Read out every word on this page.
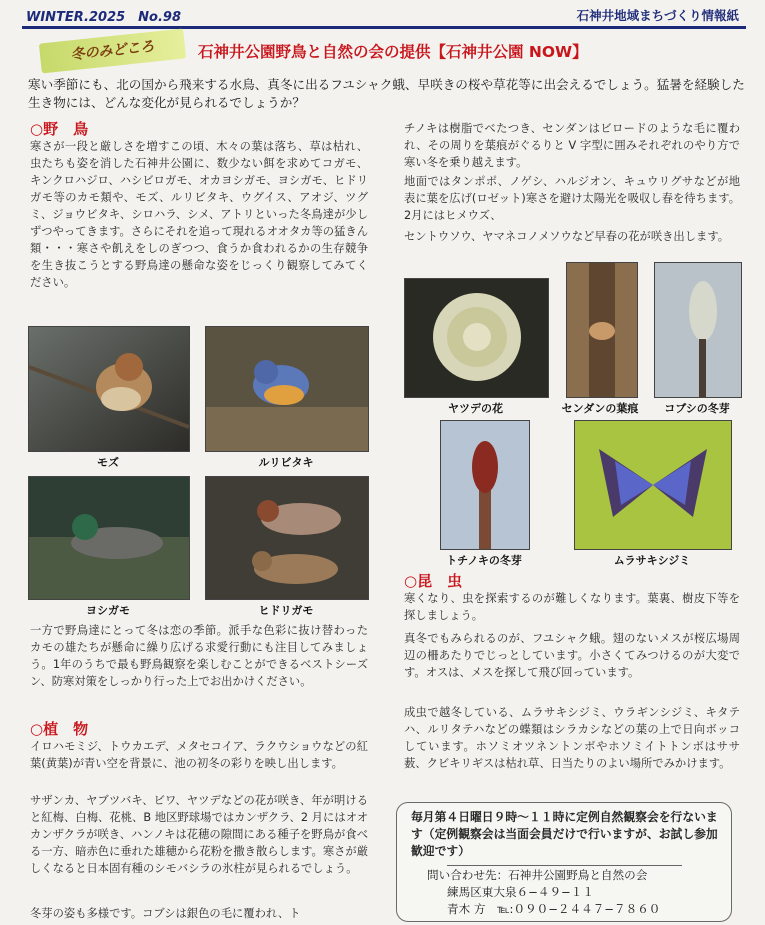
WINTER.2025　No.98	石神井地域まちづくり情報紙
冬のみどころ	石神井公園野鳥と自然の会の提供【石神井公園 NOW】
寒い季節にも、北の国から飛来する水鳥、真冬に出るフユシャク蛾、早咲きの桜や草花等に出会えるでしょう。猛暑を経験した生き物には、どんな変化が見られるでしょうか？
○野　鳥
寒さが一段と厳しさを増すこの頃、木々の葉は落ち、草は枯れ、虫たちも姿を消した石神井公園に、数少ない餌を求めてコガモ、キンクロハジロ、ハシビロガモ、オカヨシガモ、ヨシガモ、ヒドリガモ等のカモ類や、モズ、ルリビタキ、ウグイス、アオジ、ツグミ、ジョウビタキ、シロハラ、シメ、アトリといった冬鳥達が少しずつやってきます。さらにそれを追って現れるオオタカ等の猛きん類・・・寒さや飢えをしのぎつつ、食うか食われるかの生存競争を生き抜こうとする野鳥達の懸命な姿をじっくり観察してみてください。
モズ	ルリビタキ
ヨシガモ	ヒドリガモ
一方で野鳥達にとって冬は恋の季節。派手な色彩に抜け替わったカモの雄たちが懸命に繰り広げる求愛行動にも注目してみましょう。1年のうちで最も野鳥観察を楽しむことができるベストシーズン、防寒対策をしっかり行った上でお出かけください。
○植　物
イロハモミジ、トウカエデ、メタセコイア、ラクウショウなどの紅葉(黄葉)が青い空を背景に、池の初冬の彩りを映し出します。
サザンカ、ヤブツバキ、ビワ、ヤツデなどの花が咲き、年が明けると紅梅、白梅、花桃、B 地区野球場ではカンザクラ、2 月にはオオカンザクラが咲き、ハンノキは花穂の隙間にある種子を野鳥が食べる一方、暗赤色に垂れた雄穂から花粉を撒き散らします。寒さが厳しくなると日本固有種のシモバシラの氷柱が見られるでしょう。
冬芽の姿も多様です。コブシは銀色の毛に覆われ、ト
チノキは樹脂でべたつき、センダンはビロードのような毛に覆われ、その周りを葉痕がぐるりと V 字型に囲みそれぞれのやり方で寒い冬を乗り越えます。
地面ではタンポポ、ノゲシ、ハルジオン、キュウリグサなどが地表に葉を広げ(ロゼット)寒さを避け太陽光を吸収し春を待ちます。2月にはヒメウズ、
セントウソウ、ヤマネコノメソウなど早春の花が咲き出します。
ヤツデの花	センダンの葉痕	コブシの冬芽
トチノキの冬芽	ムラサキシジミ
○昆　虫
寒くなり、虫を探索するのが難しくなります。葉裏、樹皮下等を探しましょう。
真冬でもみられるのが、フユシャク蛾。翅のないメスが桜広場周辺の柵あたりでじっとしています。小さくてみつけるのが大変です。オスは、メスを探して飛び回っています。
成虫で越冬している、ムラサキシジミ、ウラギンシジミ、キタテハ、ルリタテハなどの蝶類はシラカシなどの葉の上で日向ボッコしています。ホソミオツネントンボやホソミイトトンボはササ薮、クビキリギスは枯れ草、日当たりのよい場所でみかけます。
毎月第４日曜日９時～１１時に定例自然観察会を行ないます（定例観察会は当面会員だけで行いますが、お試し参加歓迎です）
問い合わせ先：石神井公園野鳥と自然の会
練馬区東大泉６−４９−１１
青木 方　 ℡:０９０−２４４７−７８６０
